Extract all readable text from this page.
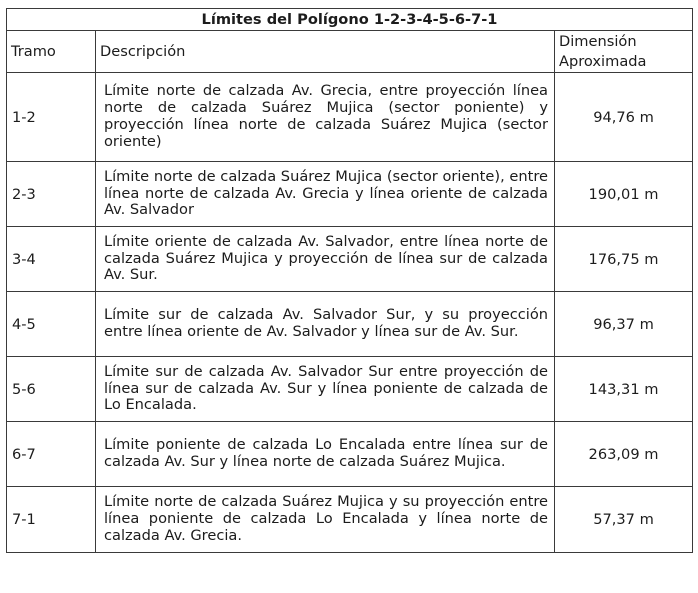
Límites del Polígono 1-2-3-4-5-6-7-1		
Tramo	Descripción	Dimensión Aproximada
1-2	Límite norte de calzada Av. Grecia, entre proyección línea norte de calzada Suárez Mujica (sector poniente) y proyección línea norte de calzada Suárez Mujica (sector oriente)	94,76 m
2-3	Límite norte de calzada Suárez Mujica (sector oriente), entre línea norte de calzada Av. Grecia y línea oriente de calzada Av. Salvador	190,01 m
3-4	Límite oriente de calzada Av. Salvador, entre línea norte de calzada Suárez Mujica y proyección de línea sur de calzada Av. Sur.	176,75 m
4-5	Límite sur de calzada Av. Salvador Sur, y su proyección entre línea oriente de Av. Salvador y línea sur de Av. Sur.	96,37 m
5-6	Límite sur de calzada Av. Salvador Sur entre proyección de línea sur de calzada Av. Sur y línea poniente de calzada de Lo Encalada.	143,31 m
6-7	Límite poniente de calzada Lo Encalada entre línea sur de calzada Av. Sur y línea norte de calzada Suárez Mujica.	263,09 m
7-1	Límite norte de calzada Suárez Mujica y su proyección entre línea poniente de calzada Lo Encalada y línea norte de calzada Av. Grecia.	57,37 m
